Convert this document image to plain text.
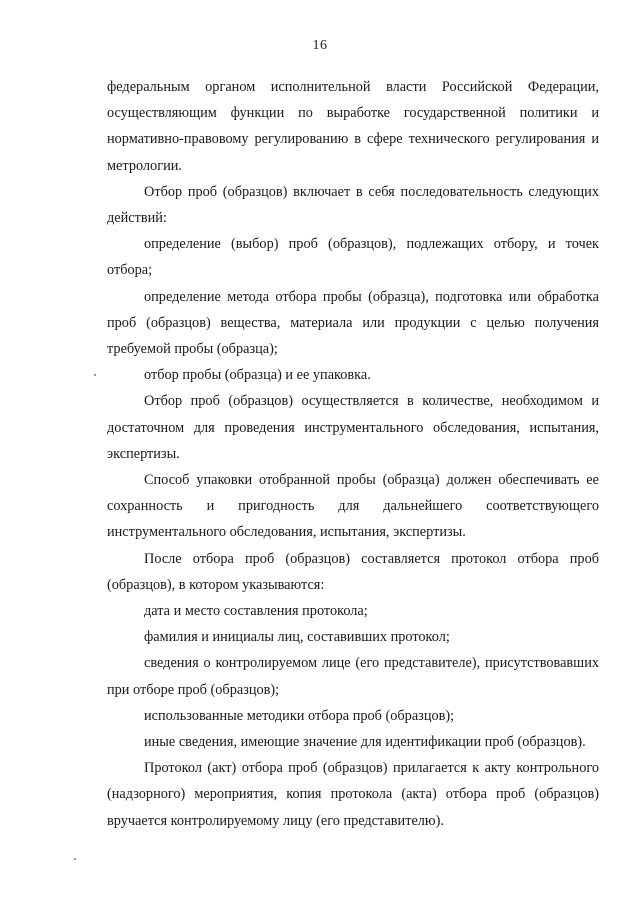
16

федеральным органом исполнительной власти Российской Федерации, осуществляющим функции по выработке государственной политики и нормативно-правовому регулированию в сфере технического регулирования и метрологии.

Отбор проб (образцов) включает в себя последовательность следующих действий:

определение (выбор) проб (образцов), подлежащих отбору, и точек отбора;

определение метода отбора пробы (образца), подготовка или обработка проб (образцов) вещества, материала или продукции с целью получения требуемой пробы (образца);

отбор пробы (образца) и ее упаковка.

Отбор проб (образцов) осуществляется в количестве, необходимом и достаточном для проведения инструментального обследования, испытания, экспертизы.

Способ упаковки отобранной пробы (образца) должен обеспечивать ее сохранность и пригодность для дальнейшего соответствующего инструментального обследования, испытания, экспертизы.

После отбора проб (образцов) составляется протокол отбора проб (образцов), в котором указываются:

дата и место составления протокола;

фамилия и инициалы лиц, составивших протокол;

сведения о контролируемом лице (его представителе), присутствовавших при отборе проб (образцов);

использованные методики отбора проб (образцов);

иные сведения, имеющие значение для идентификации проб (образцов).

Протокол (акт) отбора проб (образцов) прилагается к акту контрольного (надзорного) мероприятия, копия протокола (акта) отбора проб (образцов) вручается контролируемому лицу (его представителю).
